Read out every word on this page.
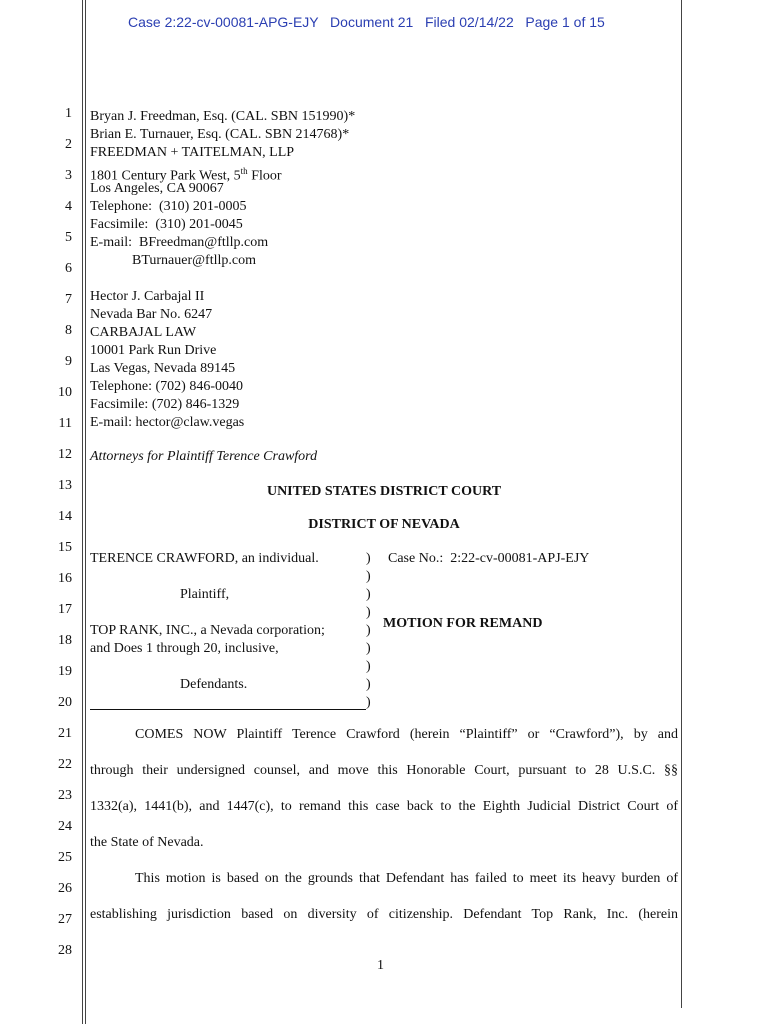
Case 2:22-cv-00081-APG-EJY   Document 21   Filed 02/14/22   Page 1 of 15
1
2
3
4
5
6
7
8
9
10
11
12
13
14
15
16
17
18
19
20
21
22
23
24
25
26
27
28
Bryan J. Freedman, Esq. (CAL. SBN 151990)*
Brian E. Turnauer, Esq. (CAL. SBN 214768)*
FREEDMAN + TAITELMAN, LLP
1801 Century Park West, 5th Floor
Los Angeles, CA 90067
Telephone:  (310) 201-0005
Facsimile:  (310) 201-0045
E-mail:  BFreedman@ftllp.com
BTurnauer@ftllp.com
Hector J. Carbajal II
Nevada Bar No. 6247
CARBAJAL LAW
10001 Park Run Drive
Las Vegas, Nevada 89145
Telephone: (702) 846-0040
Facsimile: (702) 846-1329
E-mail: hector@claw.vegas
Attorneys for Plaintiff Terence Crawford
UNITED STATES DISTRICT COURT
DISTRICT OF NEVADA
TERENCE CRAWFORD, an individual.
Plaintiff,
TOP RANK, INC., a Nevada corporation;
and Does 1 through 20, inclusive,
Defendants.
)
)
)
)
)
)
)
)
)
Case No.:  2:22-cv-00081-APJ-EJY
MOTION FOR REMAND
COMES NOW Plaintiff Terence Crawford (herein “Plaintiff” or “Crawford”), by and
through their undersigned counsel, and move this Honorable Court, pursuant to 28 U.S.C. §§
1332(a), 1441(b), and 1447(c), to remand this case back to the Eighth Judicial District Court of
the State of Nevada.
This motion is based on the grounds that Defendant has failed to meet its heavy burden of
establishing jurisdiction based on diversity of citizenship. Defendant Top Rank, Inc. (herein
1
